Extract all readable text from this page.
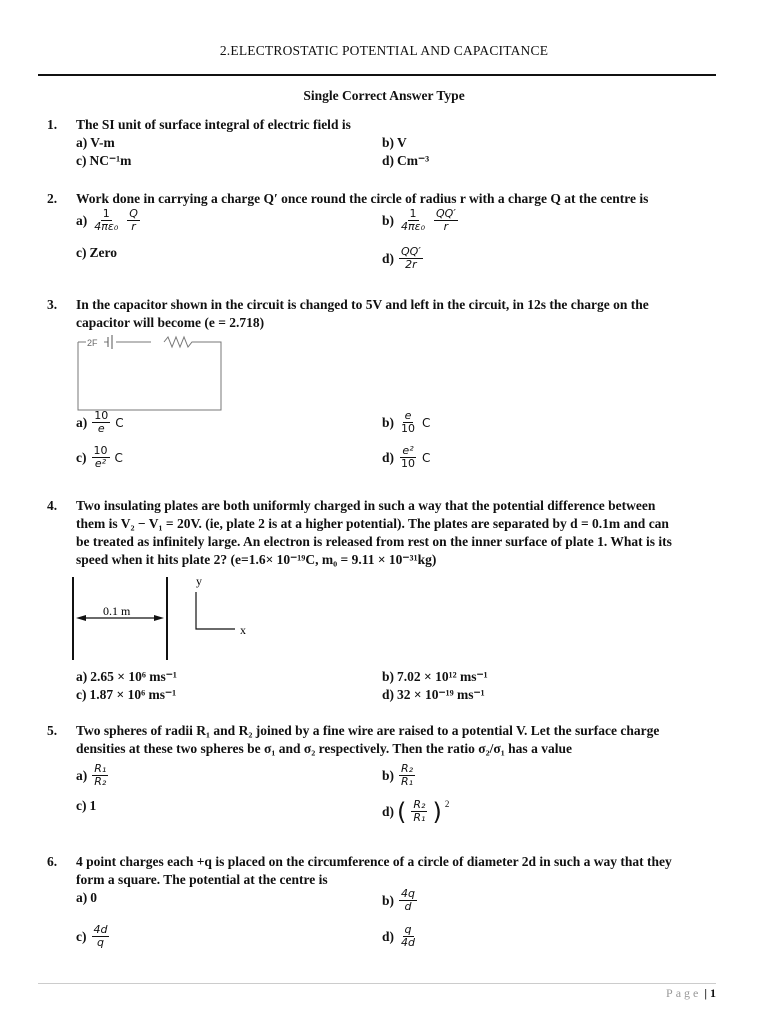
2.ELECTROSTATIC POTENTIAL AND CAPACITANCE
Single Correct Answer Type
1. The SI unit of surface integral of electric field is
a) V-m	b) V
c) NC⁻¹m	d) Cm⁻³
2. Work done in carrying a charge Q′ once round the circle of radius r with a charge Q at the centre is
$a) \frac{1}{\text{4πε₀}} \frac{Q}{r}$	$b) \frac{1}{\text{4πε₀}} \frac{QQ'}{r}$
c) Zero	$d) \frac{QQ'}{2r}$
3. In the capacitor shown in the circuit is changed to 5V and left in the circuit, in 12s the charge on the
capacitor will become (e = 2.718)
2F
$a) \frac{10}{e}$ C	$b) \frac{e}{10}$ C
$c) \frac{10}{\text{e²}}$ C	$d) \frac{\text{e²}}{10}$ C
4. Two insulating plates are both uniformly charged in such a way that the potential difference between
them is V₂ − V₁ = 20V. (ie, plate 2 is at a higher potential). The plates are separated by d = 0.1m and can
be treated as infinitely large. An electron is released from rest on the inner surface of plate 1. What is its
speed when it hits plate 2? (e=1.6× 10⁻¹⁹C, m₀ = 9.11 × 10⁻³¹kg)
0.1 m
y
x
a) 2.65 × 10⁶ ms⁻¹	b) 7.02 × 10¹² ms⁻¹
c) 1.87 × 10⁶ ms⁻¹	d) 32 × 10⁻¹⁹ ms⁻¹
5. Two spheres of radii R₁ and R₂ joined by a fine wire are raised to a potential V. Let the surface charge
densities at these two spheres be σ₁ and σ₂ respectively. Then the ratio σ₂/σ₁ has a value
$a) \frac{\text{R₁}}{\text{R₂}}$	$b) \frac{\text{R₂}}{\text{R₁}}$
c) 1	d) ( $\frac{\text{R₂}}{\text{R₁}}$ ) 2
6. 4 point charges each +q is placed on the circumference of a circle of diameter 2d in such a way that they
form a square. The potential at the centre is
a) 0	$b) \frac{4q}{d}$
$c) \frac{4d}{q}$	$d) \frac{q}{4d}$
Page | 1
